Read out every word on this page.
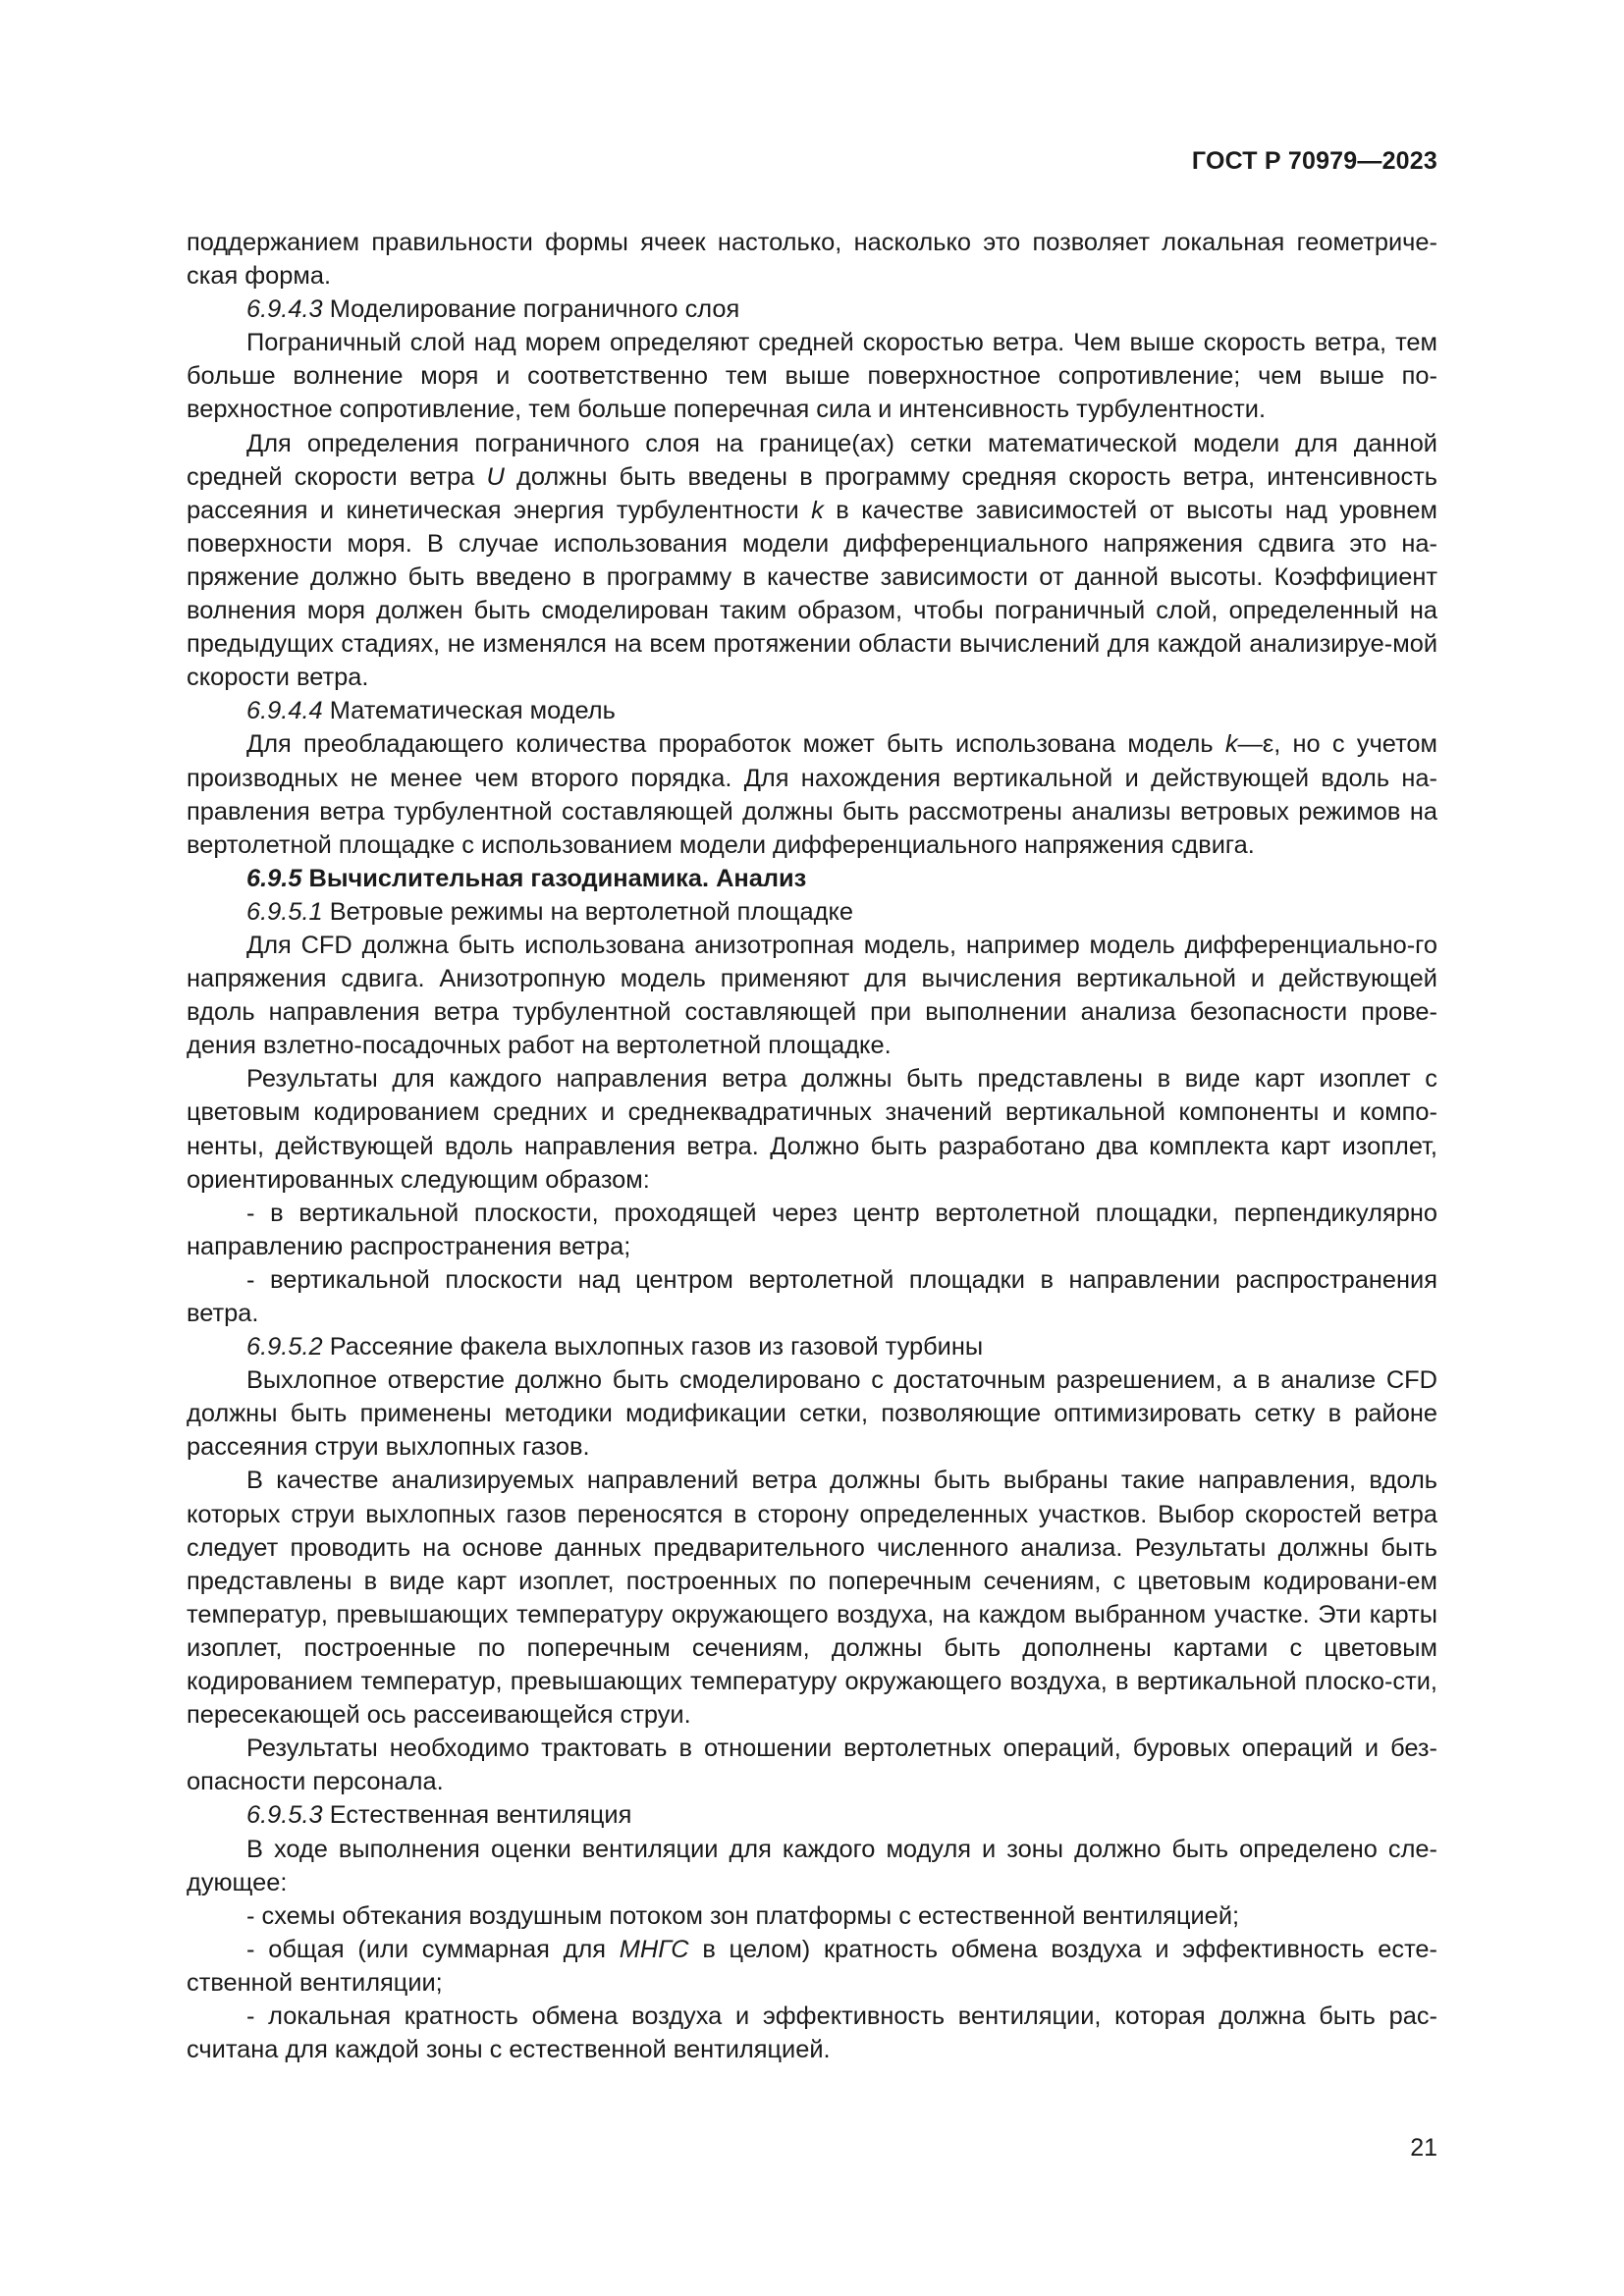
ГОСТ Р 70979—2023

поддержанием правильности формы ячеек настолько, насколько это позволяет локальная геометриче-ская форма.

6.9.4.3 Моделирование пограничного слоя

Пограничный слой над морем определяют средней скоростью ветра. Чем выше скорость ветра, тем больше волнение моря и соответственно тем выше поверхностное сопротивление; чем выше по-верхностное сопротивление, тем больше поперечная сила и интенсивность турбулентности.

Для определения пограничного слоя на границе(ах) сетки математической модели для данной средней скорости ветра U должны быть введены в программу средняя скорость ветра, интенсивность рассеяния и кинетическая энергия турбулентности k в качестве зависимостей от высоты над уровнем поверхности моря. В случае использования модели дифференциального напряжения сдвига это на-пряжение должно быть введено в программу в качестве зависимости от данной высоты. Коэффициент волнения моря должен быть смоделирован таким образом, чтобы пограничный слой, определенный на предыдущих стадиях, не изменялся на всем протяжении области вычислений для каждой анализируе-мой скорости ветра.

6.9.4.4 Математическая модель

Для преобладающего количества проработок может быть использована модель k—ε, но с учетом производных не менее чем второго порядка. Для нахождения вертикальной и действующей вдоль на-правления ветра турбулентной составляющей должны быть рассмотрены анализы ветровых режимов на вертолетной площадке с использованием модели дифференциального напряжения сдвига.

6.9.5 Вычислительная газодинамика. Анализ

6.9.5.1 Ветровые режимы на вертолетной площадке

Для CFD должна быть использована анизотропная модель, например модель дифференциально-го напряжения сдвига. Анизотропную модель применяют для вычисления вертикальной и действующей вдоль направления ветра турбулентной составляющей при выполнении анализа безопасности прове-дения взлетно-посадочных работ на вертолетной площадке.

Результаты для каждого направления ветра должны быть представлены в виде карт изоплет с цветовым кодированием средних и среднеквадратичных значений вертикальной компоненты и компо-ненты, действующей вдоль направления ветра. Должно быть разработано два комплекта карт изоплет, ориентированных следующим образом:

- в вертикальной плоскости, проходящей через центр вертолетной площадки, перпендикулярно направлению распространения ветра;

- вертикальной плоскости над центром вертолетной площадки в направлении распространения ветра.

6.9.5.2 Рассеяние факела выхлопных газов из газовой турбины

Выхлопное отверстие должно быть смоделировано с достаточным разрешением, а в анализе CFD должны быть применены методики модификации сетки, позволяющие оптимизировать сетку в районе рассеяния струи выхлопных газов.

В качестве анализируемых направлений ветра должны быть выбраны такие направления, вдоль которых струи выхлопных газов переносятся в сторону определенных участков. Выбор скоростей ветра следует проводить на основе данных предварительного численного анализа. Результаты должны быть представлены в виде карт изоплет, построенных по поперечным сечениям, с цветовым кодировани-ем температур, превышающих температуру окружающего воздуха, на каждом выбранном участке. Эти карты изоплет, построенные по поперечным сечениям, должны быть дополнены картами с цветовым кодированием температур, превышающих температуру окружающего воздуха, в вертикальной плоско-сти, пересекающей ось рассеивающейся струи.

Результаты необходимо трактовать в отношении вертолетных операций, буровых операций и без-опасности персонала.

6.9.5.3 Естественная вентиляция

В ходе выполнения оценки вентиляции для каждого модуля и зоны должно быть определено сле-дующее:

- схемы обтекания воздушным потоком зон платформы с естественной вентиляцией;

- общая (или суммарная для МНГС в целом) кратность обмена воздуха и эффективность есте-ственной вентиляции;

- локальная кратность обмена воздуха и эффективность вентиляции, которая должна быть рас-считана для каждой зоны с естественной вентиляцией.

21
